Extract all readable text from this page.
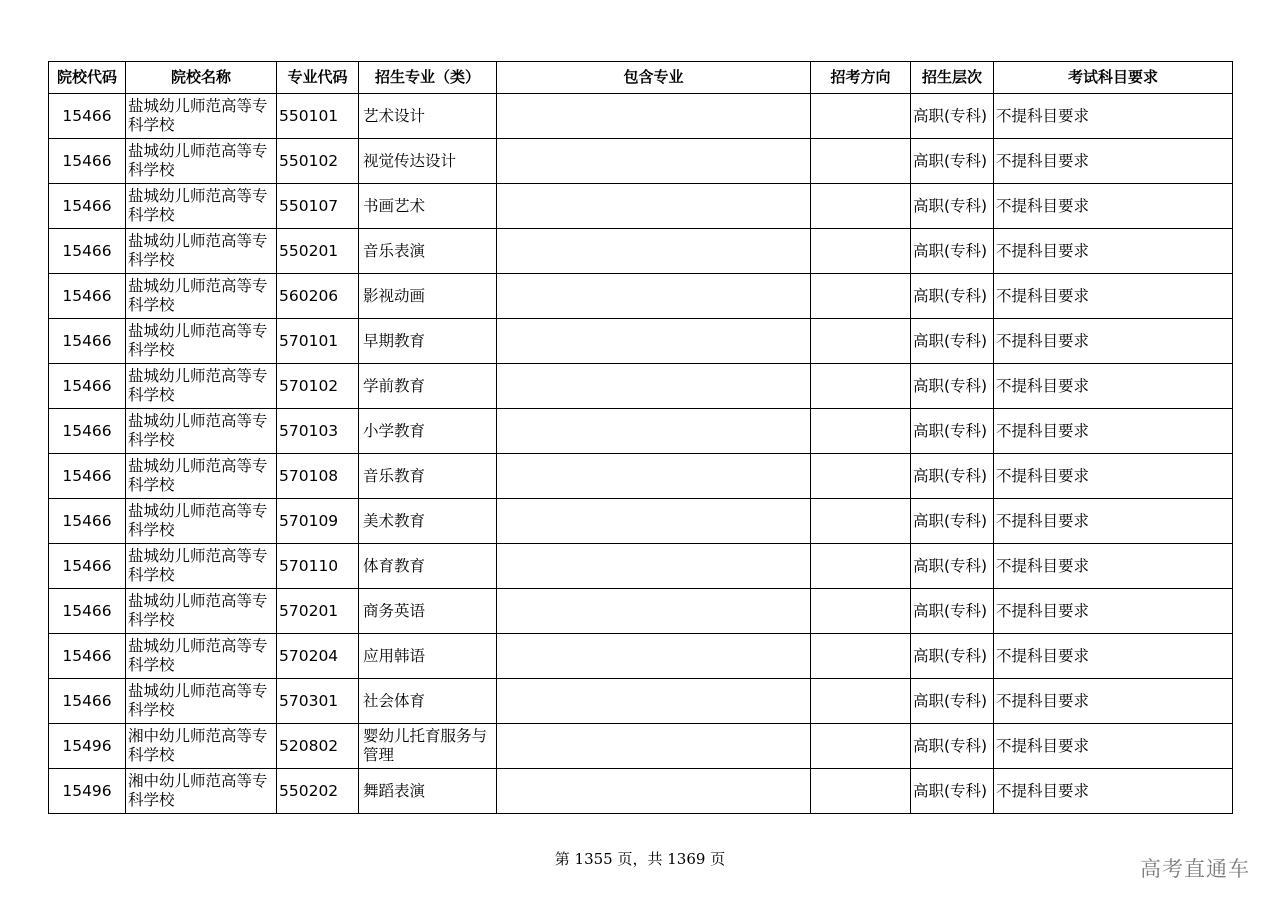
院校代码	院校名称	专业代码	招生专业（类）	包含专业	招考方向	招生层次	考试科目要求
15466	盐城幼儿师范高等专科学校	550101	艺术设计			高职(专科)	不提科目要求
15466	盐城幼儿师范高等专科学校	550102	视觉传达设计			高职(专科)	不提科目要求
15466	盐城幼儿师范高等专科学校	550107	书画艺术			高职(专科)	不提科目要求
15466	盐城幼儿师范高等专科学校	550201	音乐表演			高职(专科)	不提科目要求
15466	盐城幼儿师范高等专科学校	560206	影视动画			高职(专科)	不提科目要求
15466	盐城幼儿师范高等专科学校	570101	早期教育			高职(专科)	不提科目要求
15466	盐城幼儿师范高等专科学校	570102	学前教育			高职(专科)	不提科目要求
15466	盐城幼儿师范高等专科学校	570103	小学教育			高职(专科)	不提科目要求
15466	盐城幼儿师范高等专科学校	570108	音乐教育			高职(专科)	不提科目要求
15466	盐城幼儿师范高等专科学校	570109	美术教育			高职(专科)	不提科目要求
15466	盐城幼儿师范高等专科学校	570110	体育教育			高职(专科)	不提科目要求
15466	盐城幼儿师范高等专科学校	570201	商务英语			高职(专科)	不提科目要求
15466	盐城幼儿师范高等专科学校	570204	应用韩语			高职(专科)	不提科目要求
15466	盐城幼儿师范高等专科学校	570301	社会体育			高职(专科)	不提科目要求
15496	湘中幼儿师范高等专科学校	520802	婴幼儿托育服务与管理			高职(专科)	不提科目要求
15496	湘中幼儿师范高等专科学校	550202	舞蹈表演			高职(专科)	不提科目要求
第 1355 页，共 1369 页	高考直通车
